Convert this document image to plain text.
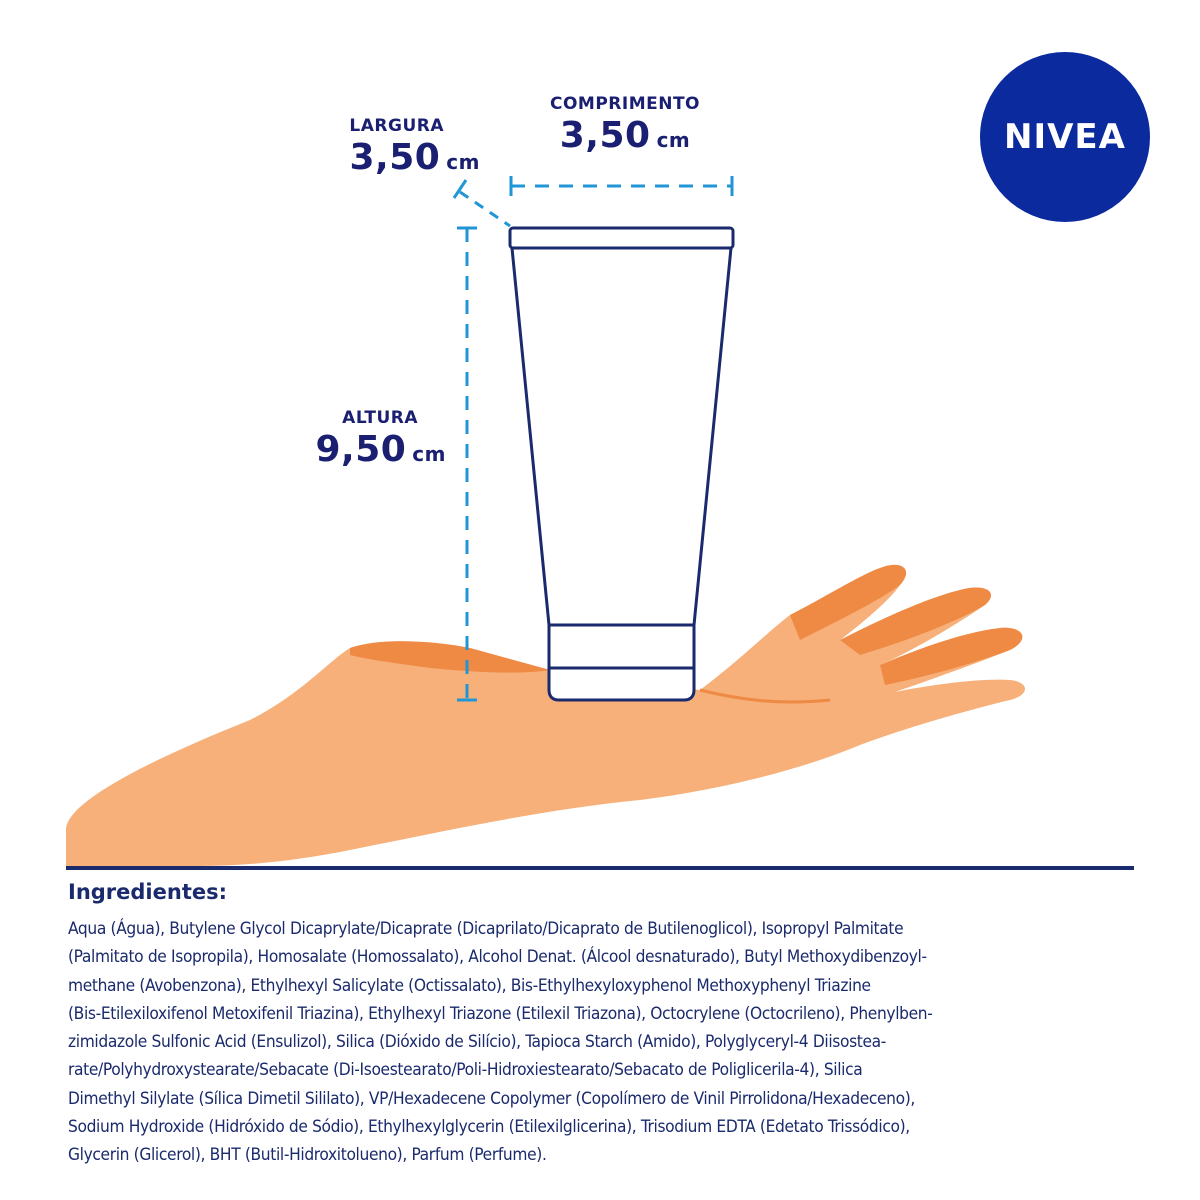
LARGURA
3,50 cm
COMPRIMENTO
3,50 cm
ALTURA
9,50 cm
NIVEA
Ingredientes:
Aqua (Água), Butylene Glycol Dicaprylate/Dicaprate (Dicaprilato/Dicaprato de Butilenoglicol), Isopropyl Palmitate
(Palmitato de Isopropila), Homosalate (Homossalato), Alcohol Denat. (Álcool desnaturado), Butyl Methoxydibenzoyl-
methane (Avobenzona), Ethylhexyl Salicylate (Octissalato), Bis-Ethylhexyloxyphenol Methoxyphenyl Triazine
(Bis-Etilexiloxifenol Metoxifenil Triazina), Ethylhexyl Triazone (Etilexil Triazona), Octocrylene (Octocrileno), Phenylben-
zimidazole Sulfonic Acid (Ensulizol), Silica (Dióxido de Silício), Tapioca Starch (Amido), Polyglyceryl-4 Diisostea-
rate/Polyhydroxystearate/Sebacate (Di-Isoestearato/Poli-Hidroxiestearato/Sebacato de Poliglicerila-4), Silica
Dimethyl Silylate (Sílica Dimetil Sililato), VP/Hexadecene Copolymer (Copolímero de Vinil Pirrolidona/Hexadeceno),
Sodium Hydroxide (Hidróxido de Sódio), Ethylhexylglycerin (Etilexilglicerina), Trisodium EDTA (Edetato Trissódico),
Glycerin (Glicerol), BHT (Butil-Hidroxitolueno), Parfum (Perfume).
